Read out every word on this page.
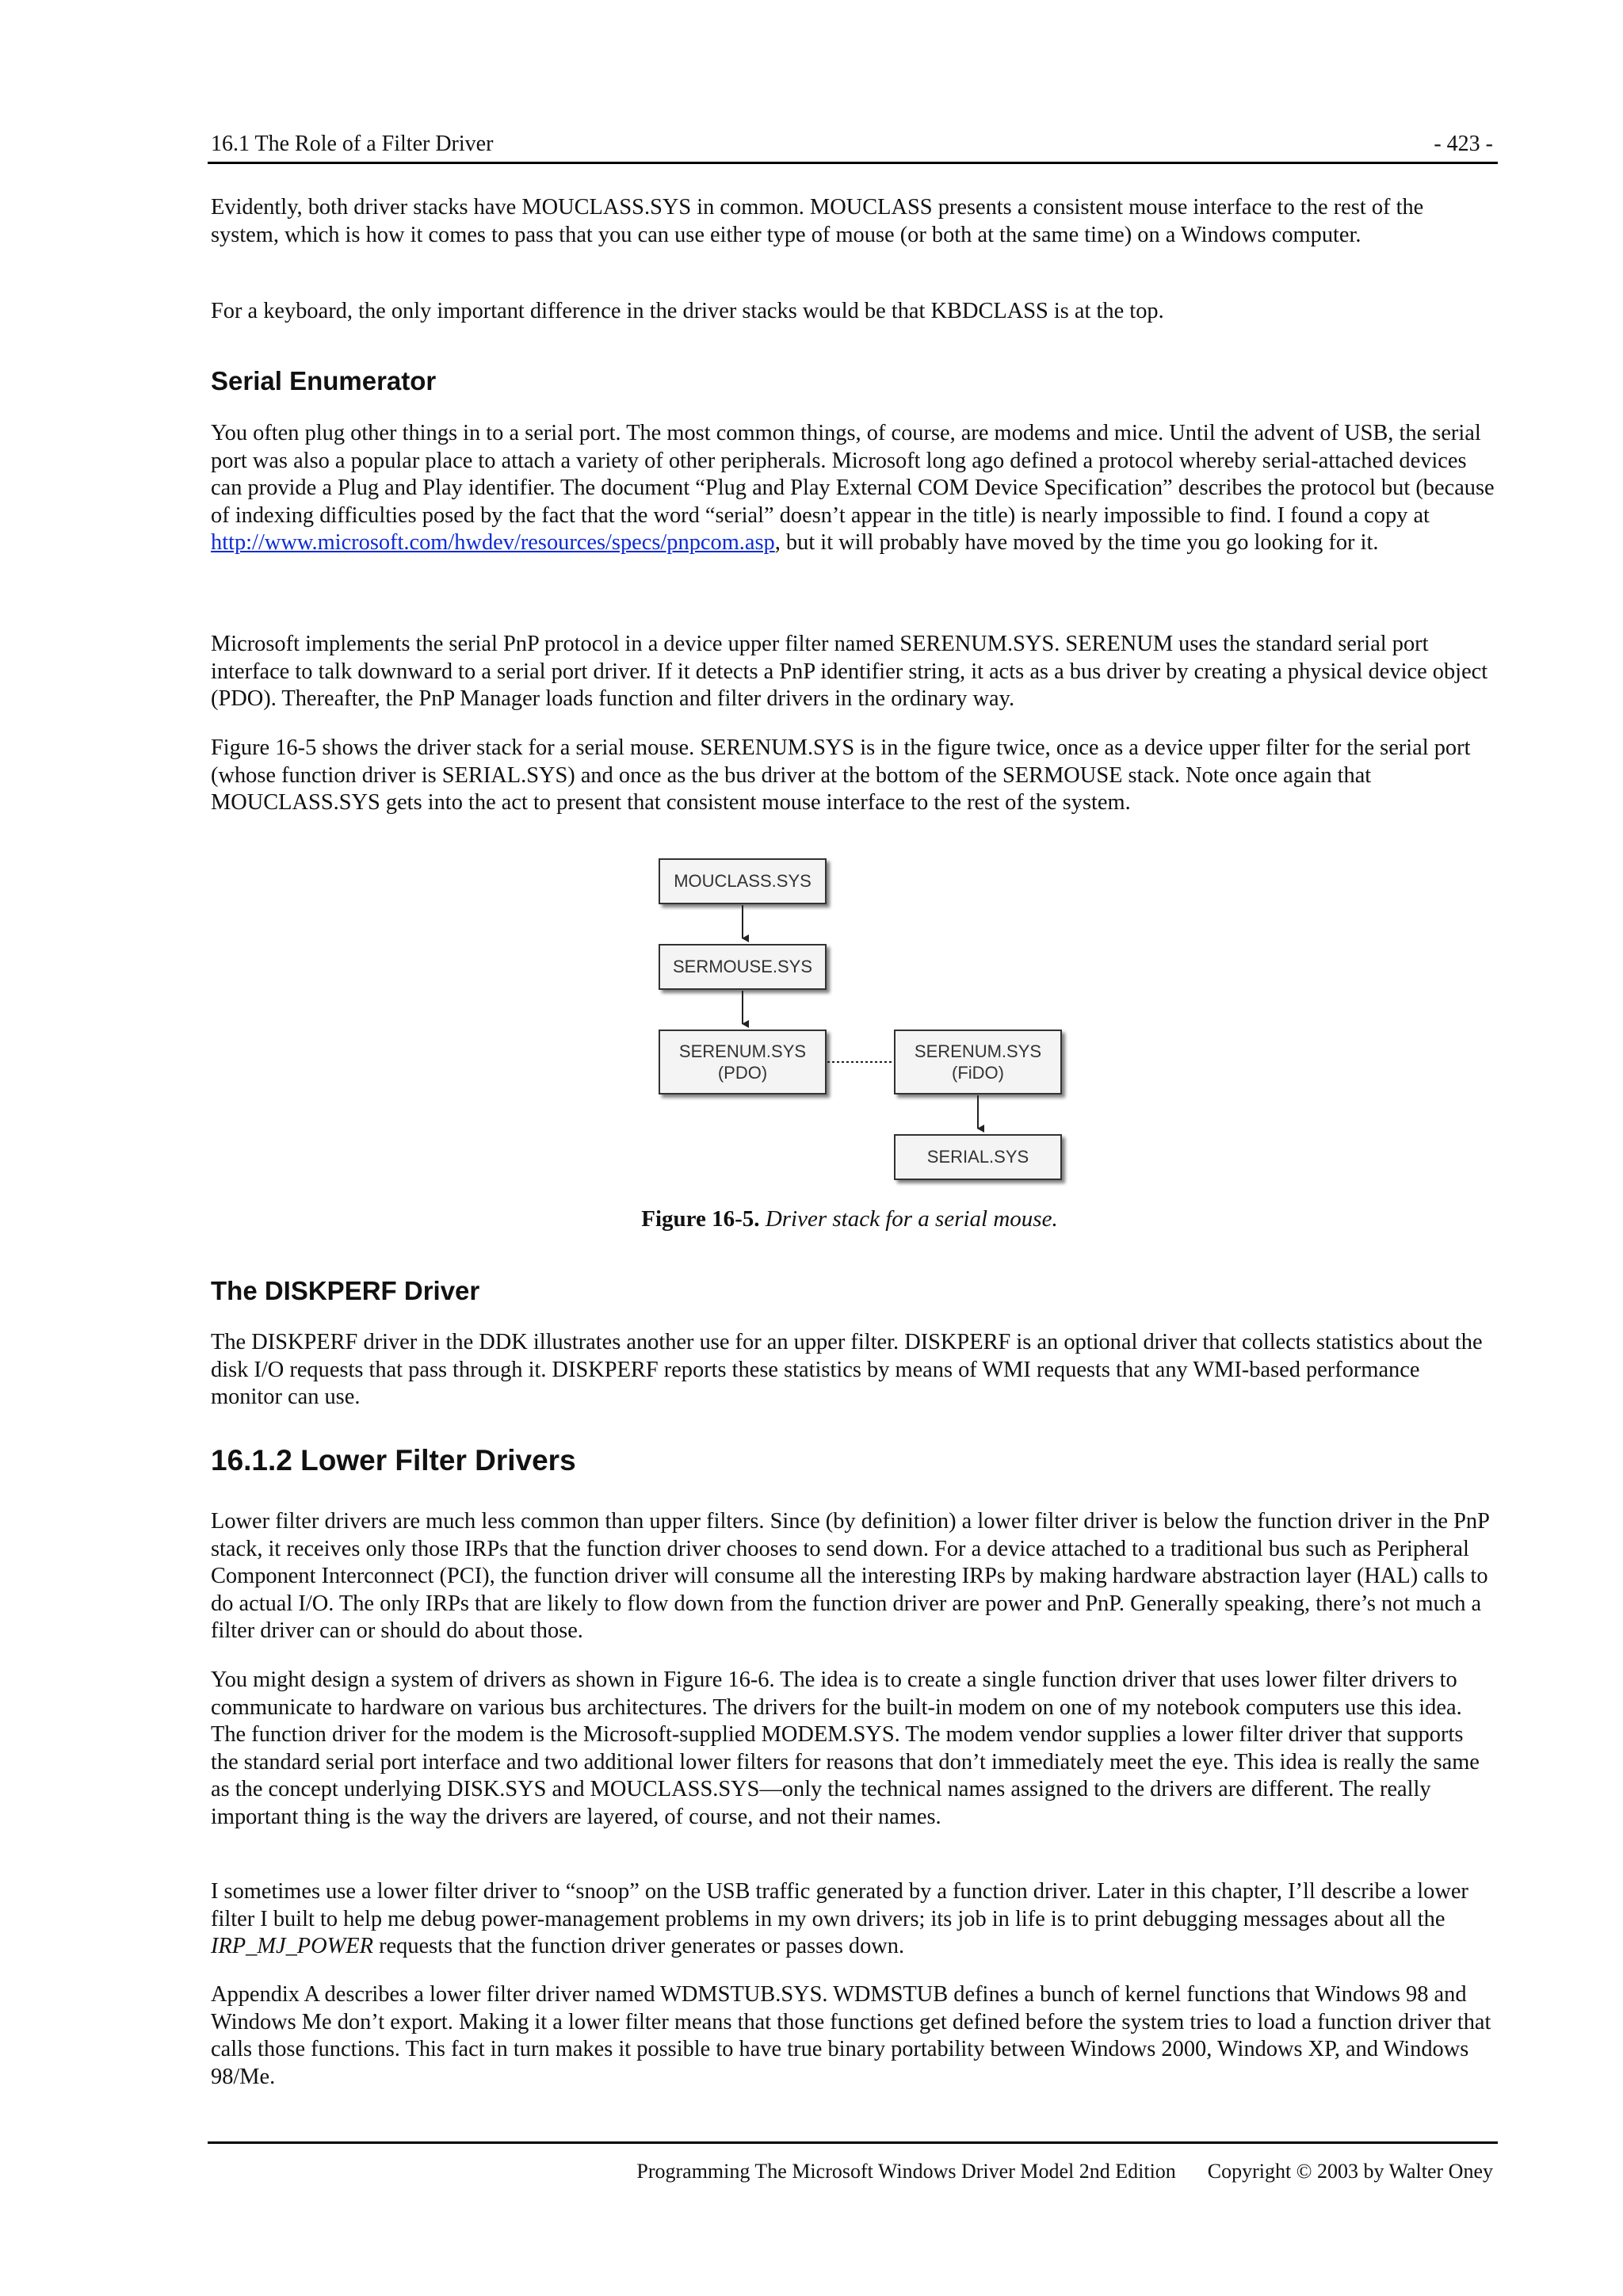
16.1 The Role of a Filter Driver	- 423 -

Evidently, both driver stacks have MOUCLASS.SYS in common. MOUCLASS presents a consistent mouse interface to the rest of the system, which is how it comes to pass that you can use either type of mouse (or both at the same time) on a Windows computer.

For a keyboard, the only important difference in the driver stacks would be that KBDCLASS is at the top.

Serial Enumerator

You often plug other things in to a serial port. The most common things, of course, are modems and mice. Until the advent of USB, the serial port was also a popular place to attach a variety of other peripherals. Microsoft long ago defined a protocol whereby serial-attached devices can provide a Plug and Play identifier. The document “Plug and Play External COM Device Specification” describes the protocol but (because of indexing difficulties posed by the fact that the word “serial” doesn’t appear in the title) is nearly impossible to find. I found a copy at http://www.microsoft.com/hwdev/resources/specs/pnpcom.asp, but it will probably have moved by the time you go looking for it.

Microsoft implements the serial PnP protocol in a device upper filter named SERENUM.SYS. SERENUM uses the standard serial port interface to talk downward to a serial port driver. If it detects a PnP identifier string, it acts as a bus driver by creating a physical device object (PDO). Thereafter, the PnP Manager loads function and filter drivers in the ordinary way.

Figure 16-5 shows the driver stack for a serial mouse. SERENUM.SYS is in the figure twice, once as a device upper filter for the serial port (whose function driver is SERIAL.SYS) and once as the bus driver at the bottom of the SERMOUSE stack. Note once again that MOUCLASS.SYS gets into the act to present that consistent mouse interface to the rest of the system.

MOUCLASS.SYS
SERMOUSE.SYS
SERENUM.SYS
(PDO)
SERENUM.SYS
(FiDO)
SERIAL.SYS
Figure 16-5. Driver stack for a serial mouse.
The DISKPERF Driver

The DISKPERF driver in the DDK illustrates another use for an upper filter. DISKPERF is an optional driver that collects statistics about the disk I/O requests that pass through it. DISKPERF reports these statistics by means of WMI requests that any WMI-based performance monitor can use.

16.1.2 Lower Filter Drivers

Lower filter drivers are much less common than upper filters. Since (by definition) a lower filter driver is below the function driver in the PnP stack, it receives only those IRPs that the function driver chooses to send down. For a device attached to a traditional bus such as Peripheral Component Interconnect (PCI), the function driver will consume all the interesting IRPs by making hardware abstraction layer (HAL) calls to do actual I/O. The only IRPs that are likely to flow down from the function driver are power and PnP. Generally speaking, there’s not much a filter driver can or should do about those.

You might design a system of drivers as shown in Figure 16-6. The idea is to create a single function driver that uses lower filter drivers to communicate to hardware on various bus architectures. The drivers for the built-in modem on one of my notebook computers use this idea. The function driver for the modem is the Microsoft-supplied MODEM.SYS. The modem vendor supplies a lower filter driver that supports the standard serial port interface and two additional lower filters for reasons that don’t immediately meet the eye. This idea is really the same as the concept underlying DISK.SYS and MOUCLASS.SYS—only the technical names assigned to the drivers are different. The really important thing is the way the drivers are layered, of course, and not their names.

I sometimes use a lower filter driver to “snoop” on the USB traffic generated by a function driver. Later in this chapter, I’ll describe a lower filter I built to help me debug power-management problems in my own drivers; its job in life is to print debugging messages about all the IRP_MJ_POWER requests that the function driver generates or passes down.

Appendix A describes a lower filter driver named WDMSTUB.SYS. WDMSTUB defines a bunch of kernel functions that Windows 98 and Windows Me don’t export. Making it a lower filter means that those functions get defined before the system tries to load a function driver that calls those functions. This fact in turn makes it possible to have true binary portability between Windows 2000, Windows XP, and Windows 98/Me.

Programming The Microsoft Windows Driver Model 2nd Edition Copyright © 2003 by Walter Oney
